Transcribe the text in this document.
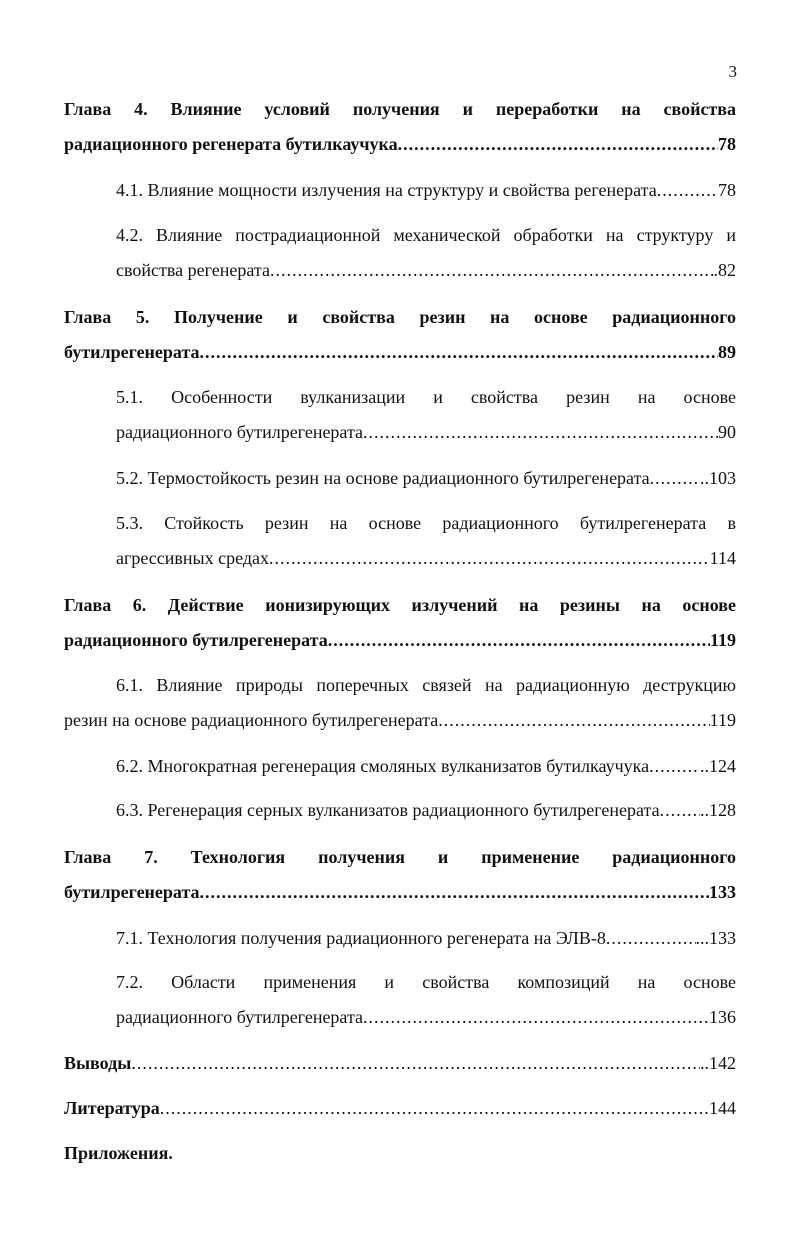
3
Глава 4. Влияние условий получения и переработки на свойства
радиационного регенерата бутилкаучука .....	78
4.1. Влияние мощности излучения на структуру и свойства регенерата .....	78
4.2. Влияние пострадиационной механической обработки на структуру и
свойства регенерата .....	.82
Глава 5. Получение и свойства резин на основе радиационного
бутилрегенерата .....	89
5.1. Особенности вулканизации и свойства резин на основе
радиационного бутилрегенерата .....	90
5.2. Термостойкость резин на основе радиационного бутилрегенерата .....	..103
5.3. Стойкость резин на основе радиационного бутилрегенерата в
агрессивных средах .....	114
Глава 6. Действие ионизирующих излучений на резины на основе
радиационного бутилрегенерата .....	119
6.1. Влияние природы поперечных связей на радиационную деструкцию
резин на основе радиационного бутилрегенерата .....	119
6.2. Многократная регенерация смоляных вулканизатов бутилкаучука .....	..124
6.3. Регенерация серных вулканизатов радиационного бутилрегенерата ..... ..128
Глава 7. Технология получения и применение радиационного
бутилрегенерата .....	133
7.1. Технология получения радиационного регенерата на ЭЛВ-8 .....	...133
7.2. Области применения и свойства композиций на основе
радиационного бутилрегенерата .....	136
Выводы .....	..142
Литература .....	144
Приложения.
